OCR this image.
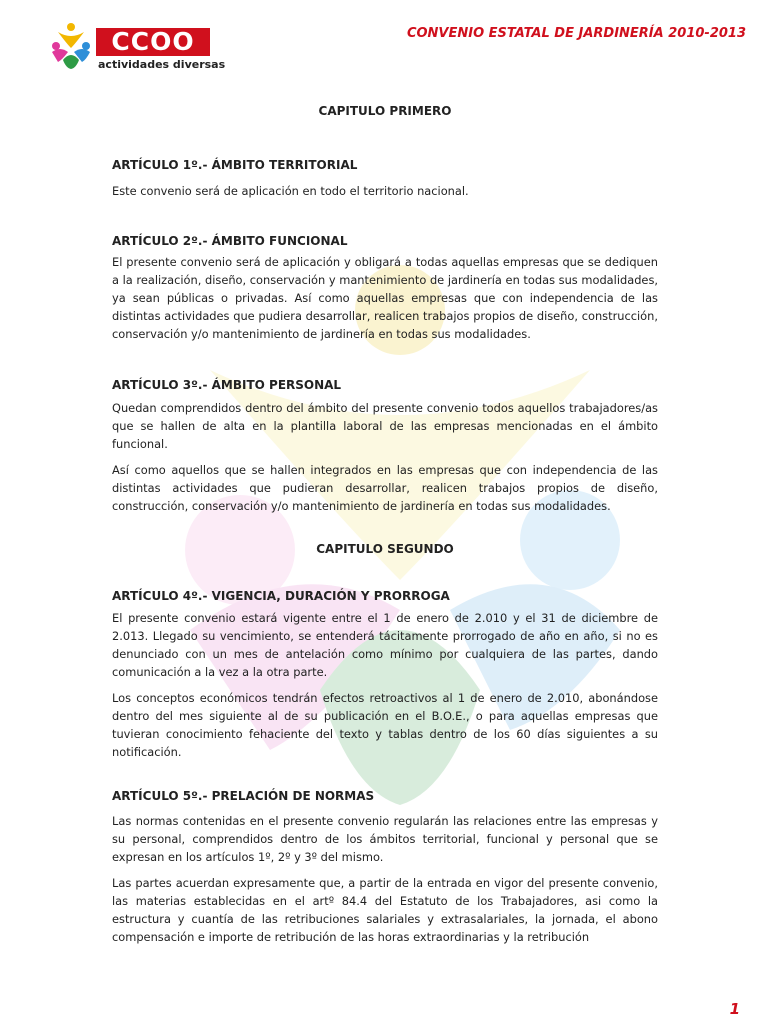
CCOO
actividades diversas
CONVENIO ESTATAL DE JARDINERÍA 2010-2013

CAPITULO PRIMERO

ARTÍCULO 1º.- ÁMBITO TERRITORIAL

Este convenio será de aplicación en todo el territorio nacional.

ARTÍCULO 2º.- ÁMBITO FUNCIONAL

El presente convenio será de aplicación y obligará a todas aquellas empresas que se dediquen a la realización, diseño, conservación y mantenimiento de jardinería en todas sus modalidades, ya sean públicas o privadas. Así como aquellas empresas que con independencia de las distintas actividades que pudiera desarrollar, realicen trabajos propios de diseño, construcción, conservación y/o mantenimiento de jardinería en todas sus modalidades.

ARTÍCULO 3º.- ÁMBITO PERSONAL

Quedan comprendidos dentro del ámbito del presente convenio todos aquellos trabajadores/as que se hallen de alta en la plantilla laboral de las empresas mencionadas en el ámbito funcional.

Así como aquellos que se hallen integrados en las empresas que con independencia de las distintas actividades que pudieran desarrollar, realicen trabajos propios de diseño, construcción, conservación y/o mantenimiento de jardinería en todas sus modalidades.

CAPITULO SEGUNDO

ARTÍCULO 4º.- VIGENCIA, DURACIÓN Y PRORROGA

El presente convenio estará vigente entre el 1 de enero de 2.010 y el 31 de diciembre de 2.013. Llegado su vencimiento, se entenderá tácitamente prorrogado de año en año, si no es denunciado con un mes de antelación como mínimo por cualquiera de las partes, dando comunicación a la vez a la otra parte.

Los conceptos económicos tendrán efectos retroactivos al 1 de enero de 2.010, abonándose dentro del mes siguiente al de su publicación en el B.O.E., o para aquellas empresas que tuvieran conocimiento fehaciente del texto y tablas dentro de los 60 días siguientes a su notificación.

ARTÍCULO 5º.- PRELACIÓN DE NORMAS

Las normas contenidas en el presente convenio regularán las relaciones entre las empresas y su personal, comprendidos dentro de los ámbitos territorial, funcional y personal que se expresan en los artículos 1º, 2º y 3º del mismo.

Las partes acuerdan expresamente que, a partir de la entrada en vigor del presente convenio, las materias establecidas en el artº 84.4 del Estatuto de los Trabajadores, asi como la estructura y cuantía de las retribuciones salariales y extrasalariales, la jornada, el abono compensación e importe de retribución de las horas extraordinarias y la retribución

1
